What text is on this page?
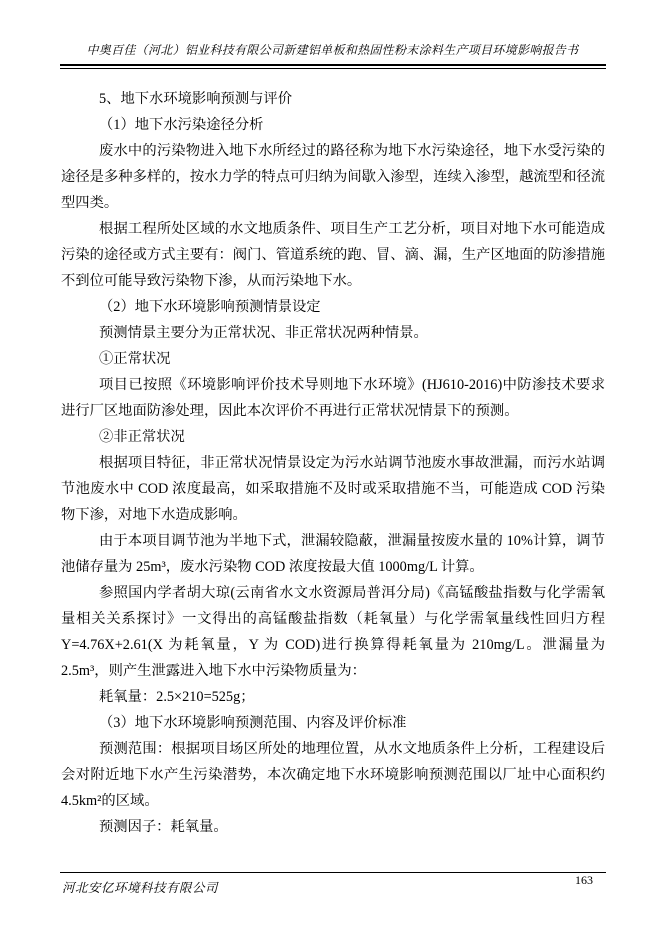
中奥百佳（河北）铝业科技有限公司新建铝单板和热固性粉末涂料生产项目环境影响报告书

5、地下水环境影响预测与评价

（1）地下水污染途径分析

废水中的污染物进入地下水所经过的路径称为地下水污染途径，地下水受污染的途径是多种多样的，按水力学的特点可归纳为间歇入渗型，连续入渗型，越流型和径流型四类。

根据工程所处区域的水文地质条件、项目生产工艺分析，项目对地下水可能造成污染的途径或方式主要有：阀门、管道系统的跑、冒、滴、漏，生产区地面的防渗措施不到位可能导致污染物下渗，从而污染地下水。

（2）地下水环境影响预测情景设定

预测情景主要分为正常状况、非正常状况两种情景。

①正常状况

项目已按照《环境影响评价技术导则地下水环境》(HJ610-2016)中防渗技术要求进行厂区地面防渗处理，因此本次评价不再进行正常状况情景下的预测。

②非正常状况

根据项目特征，非正常状况情景设定为污水站调节池废水事故泄漏，而污水站调节池废水中 COD 浓度最高，如采取措施不及时或采取措施不当，可能造成 COD 污染物下渗，对地下水造成影响。

由于本项目调节池为半地下式，泄漏较隐蔽，泄漏量按废水量的 10%计算，调节池储存量为 25m³，废水污染物 COD 浓度按最大值 1000mg/L 计算。

参照国内学者胡大琼(云南省水文水资源局普洱分局)《高锰酸盐指数与化学需氧量相关关系探讨》一文得出的高锰酸盐指数（耗氧量）与化学需氧量线性回归方程 Y=4.76X+2.61(X 为耗氧量，Y 为 COD)进行换算得耗氧量为 210mg/L。泄漏量为 2.5m³，则产生泄露进入地下水中污染物质量为：

耗氧量：2.5×210=525g；

（3）地下水环境影响预测范围、内容及评价标准

预测范围：根据项目场区所处的地理位置，从水文地质条件上分析，工程建设后会对附近地下水产生污染潜势，本次确定地下水环境影响预测范围以厂址中心面积约 4.5km²的区域。

预测因子：耗氧量。

河北安亿环境科技有限公司
163
